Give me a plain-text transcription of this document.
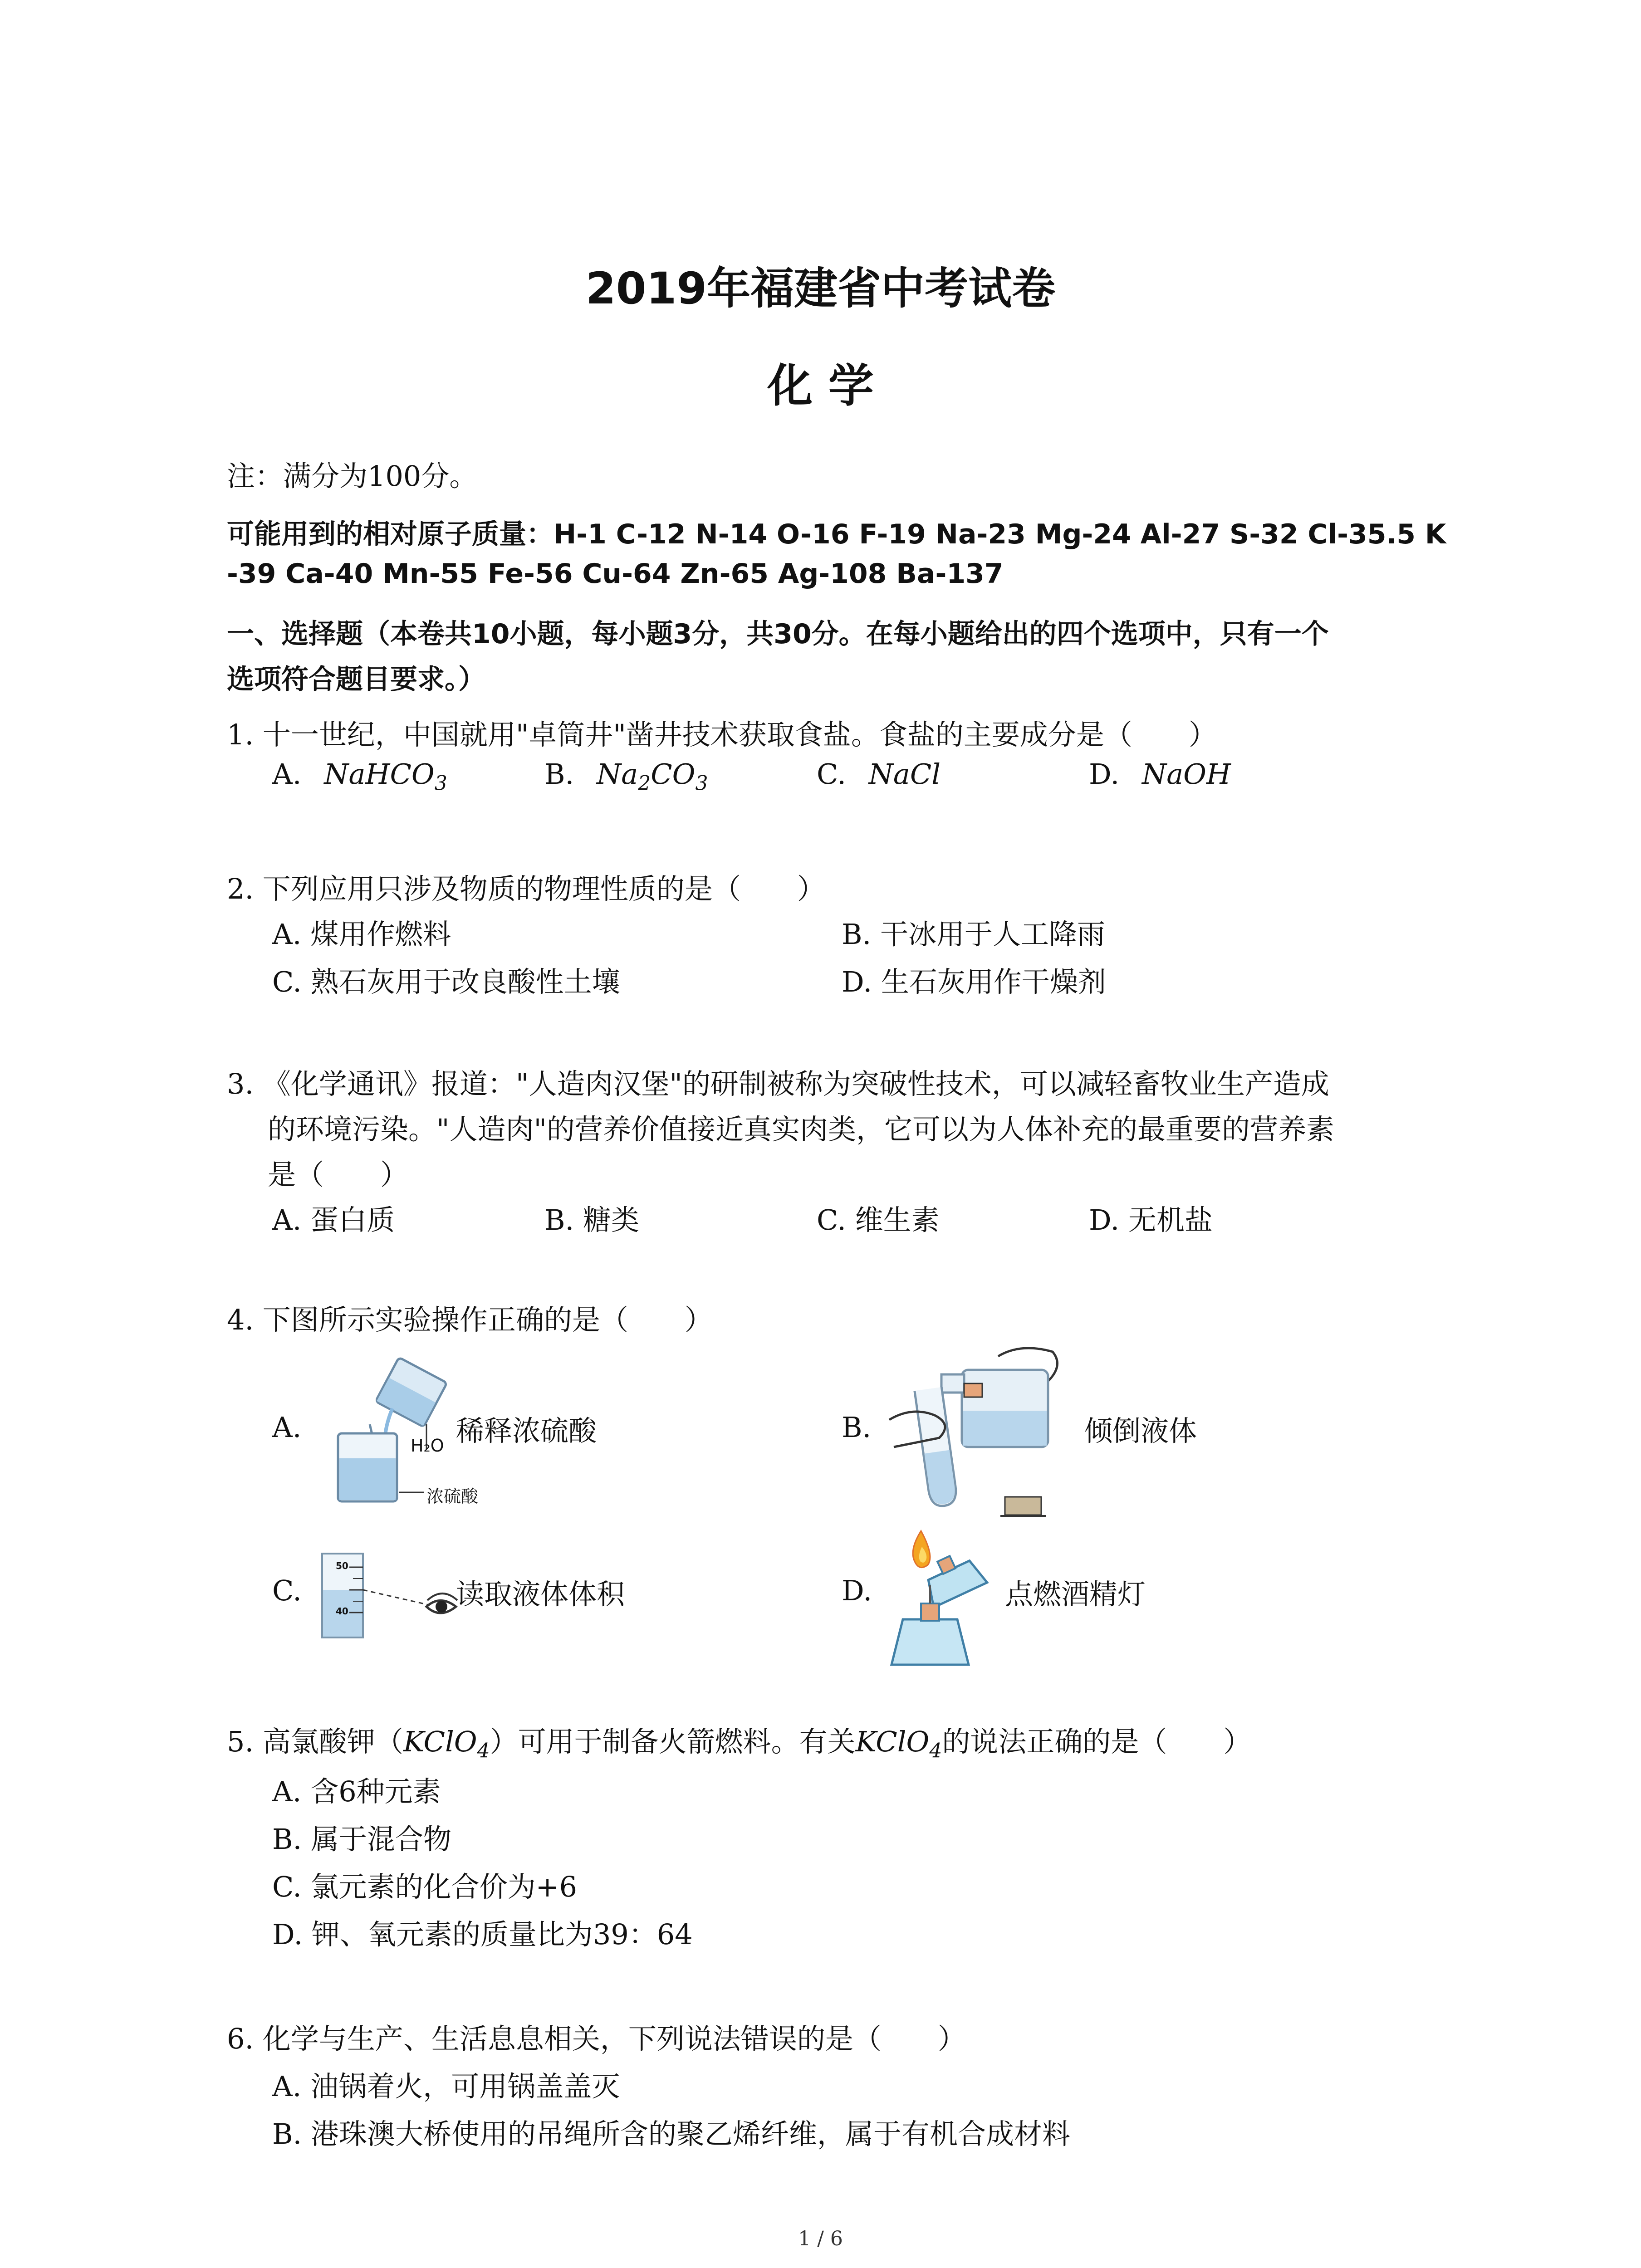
2019年福建省中考试卷
化 学
注：满分为100分。
可能用到的相对原子质量：H-1 C-12 N-14 O-16 F-19 Na-23 Mg-24 Al-27 S-32 Cl-35.5 K
-39 Ca-40 Mn-55 Fe-56 Cu-64 Zn-65 Ag-108 Ba-137
一、选择题（本卷共10小题，每小题3分，共30分。在每小题给出的四个选项中，只有一个
选项符合题目要求。）
1. 十一世纪，中国就用"卓筒井"凿井技术获取食盐。食盐的主要成分是（　　）
A. NaHCO$_3$	B. $Na_2CO_3$	C. NaCl	D. NaOH
2. 下列应用只涉及物质的物理性质的是（　　）
A. 煤用作燃料	B. 干冰用于人工降雨
C. 熟石灰用于改良酸性土壤	D. 生石灰用作干燥剂
3. 《化学通讯》报道："人造肉汉堡"的研制被称为突破性技术，可以减轻畜牧业生产造成
的环境污染。"人造肉"的营养价值接近真实肉类，它可以为人体补充的最重要的营养素
是（　　）
A. 蛋白质	B. 糖类	C. 维生素	D. 无机盐
4. 下图所示实验操作正确的是（　　）
A.
H₂O
浓硫酸
稀释浓硫酸	B.	倾倒液体
C.
50
40
读取液体体积	D.	点燃酒精灯
5. 高氯酸钾（KClO$_4$）可用于制备火箭燃料。有关KClO$_4$的说法正确的是（　　）
A. 含6种元素
B. 属于混合物
C. 氯元素的化合价为+6
D. 钾、氧元素的质量比为39：64
6. 化学与生产、生活息息相关，下列说法错误的是（　　）
A. 油锅着火，可用锅盖盖灭
B. 港珠澳大桥使用的吊绳所含的聚乙烯纤维，属于有机合成材料
1 / 6
